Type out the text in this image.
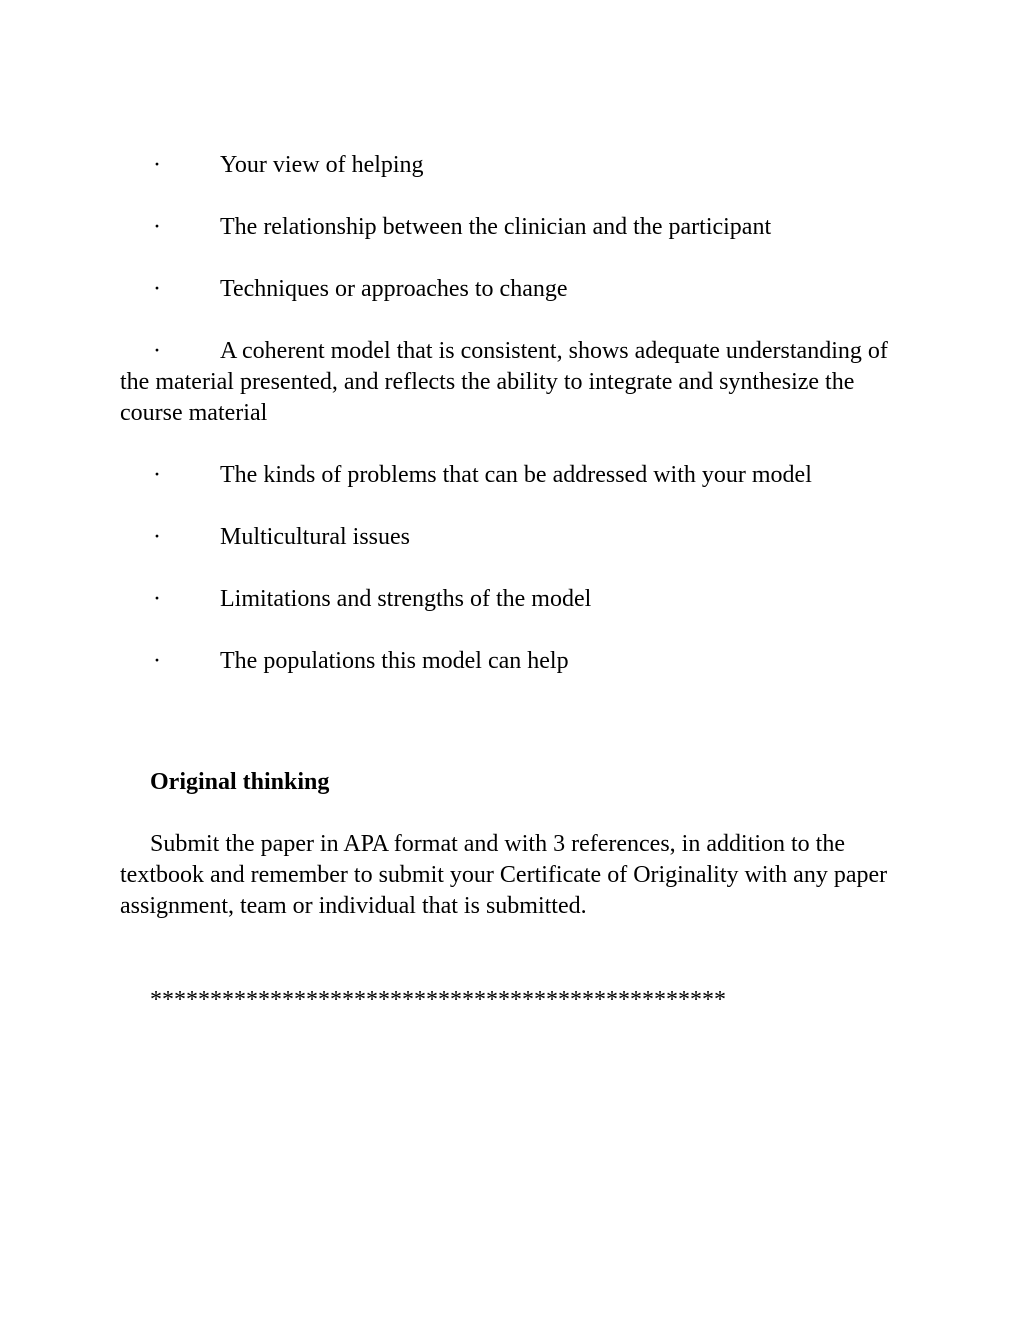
· Your view of helping
· The relationship between the clinician and the participant
· Techniques or approaches to change
· A coherent model that is consistent, shows adequate understanding of the material presented, and reflects the ability to integrate and synthesize the course material
· The kinds of problems that can be addressed with your model
· Multicultural issues
· Limitations and strengths of the model
· The populations this model can help
Original thinking

Submit the paper in APA format and with 3 references, in addition to the textbook and remember to submit your Certificate of Originality with any paper assignment, team or individual that is submitted.

************************************************
